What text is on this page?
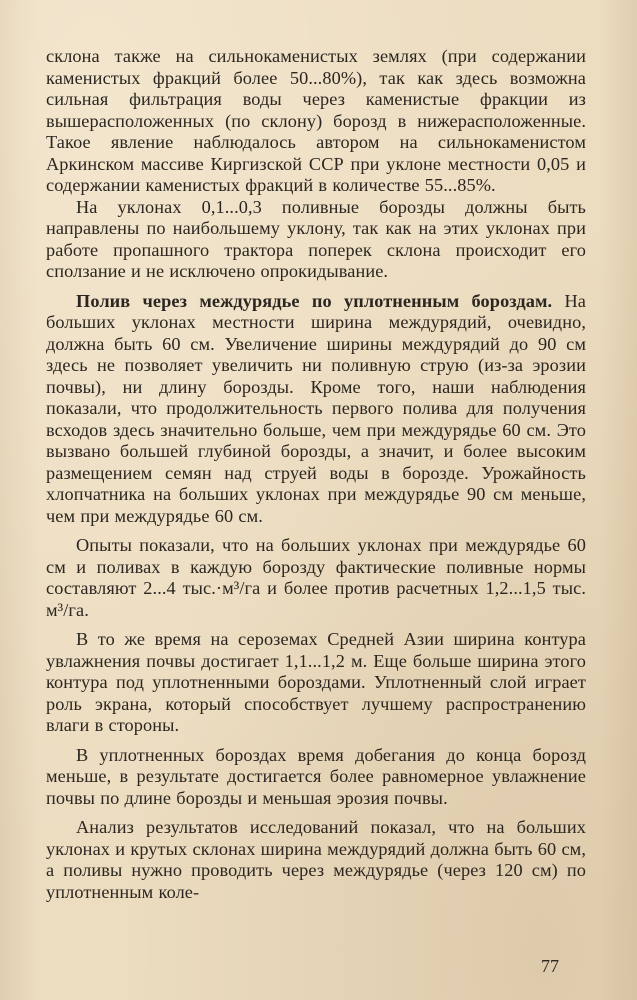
склона также на сильнокаменистых землях (при содержании каменистых фракций более 50...80%), так как здесь возможна сильная фильтрация воды через каменистые фракции из вышерасположенных (по склону) борозд в нижерасположенные. Такое явление наблюдалось автором на сильнокаменистом Аркинском массиве Киргизской ССР при уклоне местности 0,05 и содержании каменистых фракций в количестве 55...85%.

На уклонах 0,1...0,3 поливные борозды должны быть направлены по наибольшему уклону, так как на этих уклонах при работе пропашного трактора поперек склона происходит его сползание и не исключено опрокидывание.

Полив через междурядье по уплотненным бороздам. На больших уклонах местности ширина междурядий, очевидно, должна быть 60 см. Увеличение ширины междурядий до 90 см здесь не позволяет увеличить ни поливную струю (из-за эрозии почвы), ни длину борозды. Кроме того, наши наблюдения показали, что продолжительность первого полива для получения всходов здесь значительно больше, чем при междурядье 60 см. Это вызвано большей глубиной борозды, а значит, и более высоким размещением семян над струей воды в борозде. Урожайность хлопчатника на больших уклонах при междурядье 90 см меньше, чем при междурядье 60 см.

Опыты показали, что на больших уклонах при междурядье 60 см и поливах в каждую борозду фактические поливные нормы составляют 2...4 тыс.·м³/га и более против расчетных 1,2...1,5 тыс. м³/га.

В то же время на сероземах Средней Азии ширина контура увлажнения почвы достигает 1,1...1,2 м. Еще больше ширина этого контура под уплотненными бороздами. Уплотненный слой играет роль экрана, который способствует лучшему распространению влаги в стороны.

В уплотненных бороздах время добегания до конца борозд меньше, в результате достигается более равномерное увлажнение почвы по длине борозды и меньшая эрозия почвы.

Анализ результатов исследований показал, что на больших уклонах и крутых склонах ширина междурядий должна быть 60 см, а поливы нужно проводить через междурядье (через 120 см) по уплотненным коле-

77
